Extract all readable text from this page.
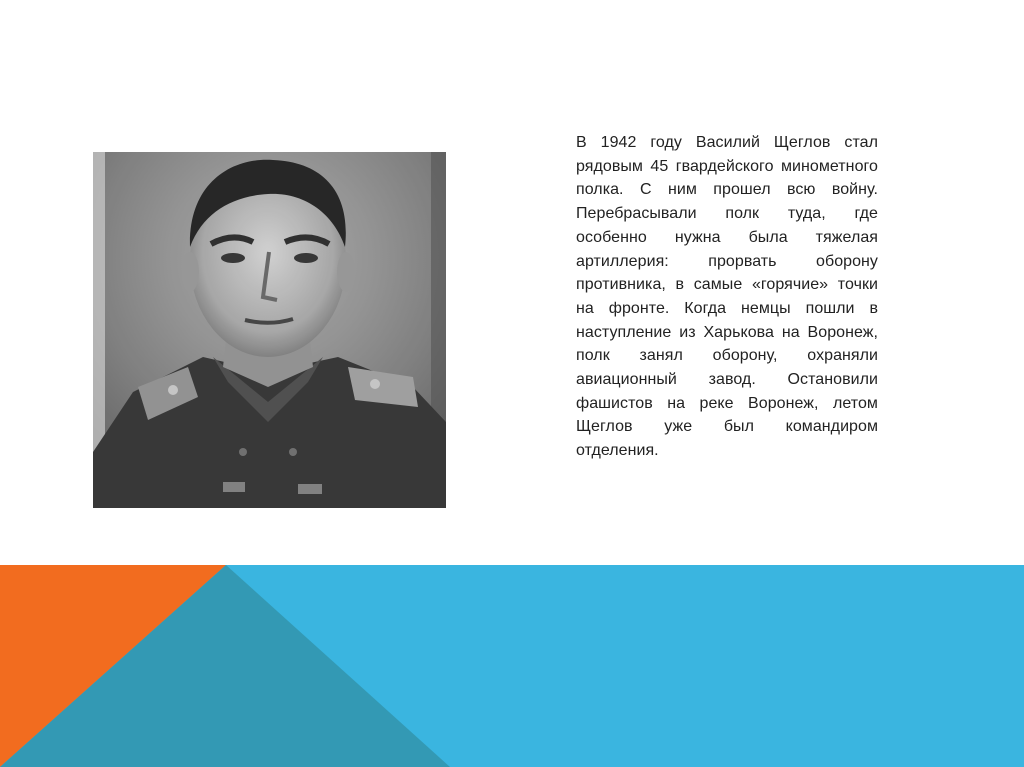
В 1942 году Василий Щеглов стал рядовым 45 гвардейского минометного полка. С ним прошел всю войну. Перебрасывали полк туда, где особенно нужна была тяжелая артиллерия: прорвать оборону противника, в самые «горячие» точки на фронте. Когда немцы пошли в наступление из Харькова на Воронеж, полк занял оборону, охраняли авиационный завод. Остановили фашистов на реке Воронеж, летом Щеглов уже был командиром отделения.
